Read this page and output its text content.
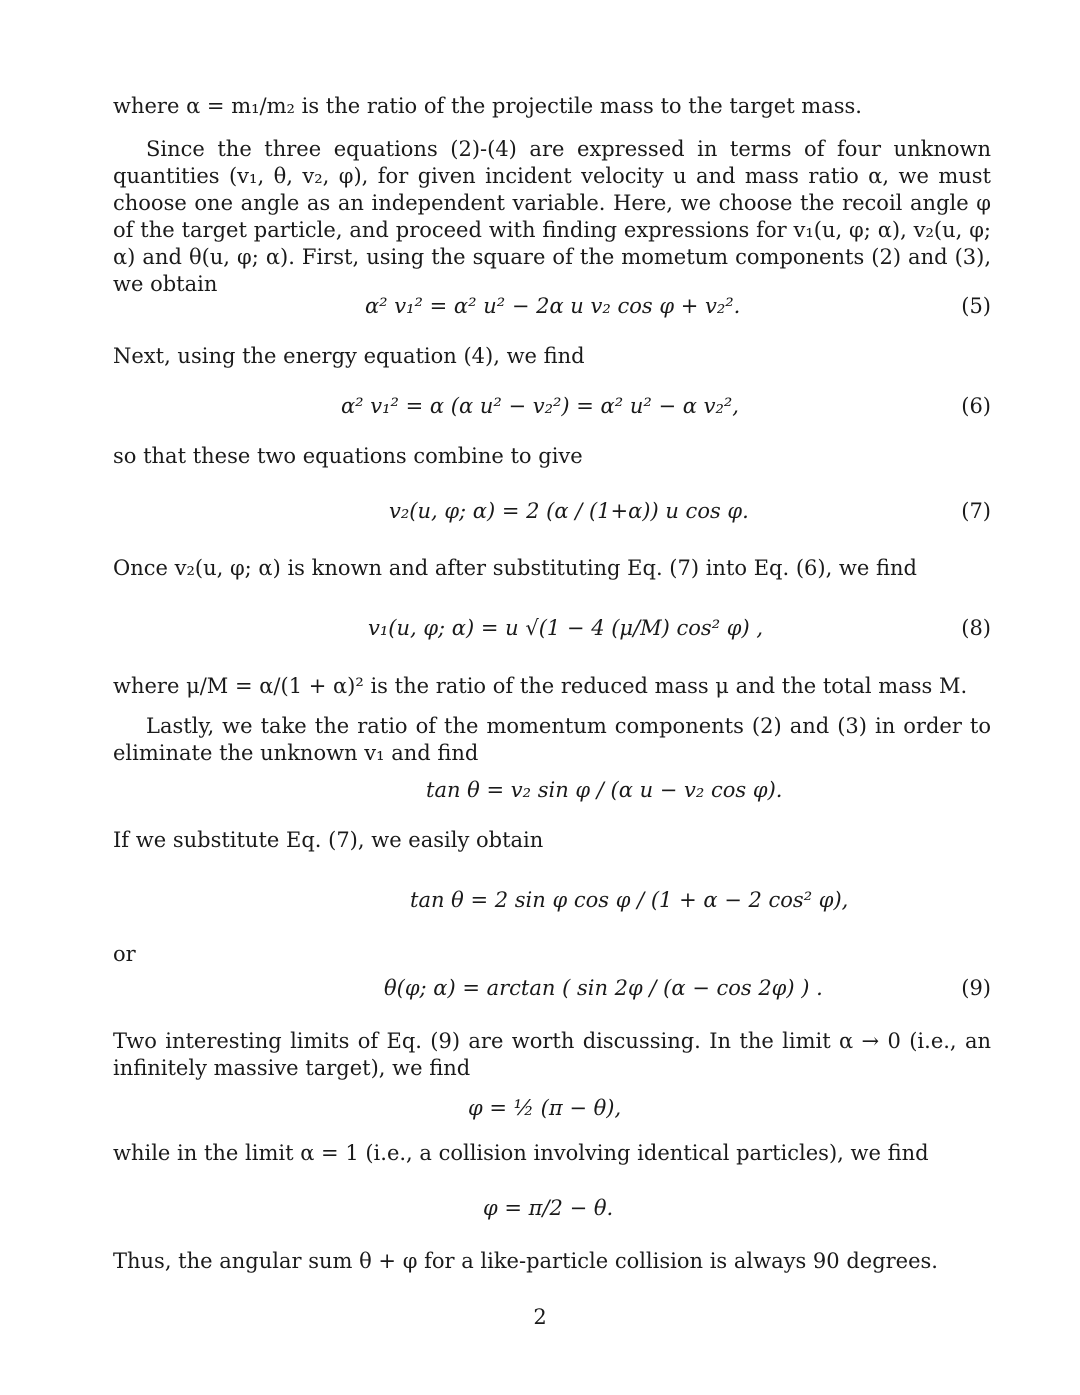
where α = m₁/m₂ is the ratio of the projectile mass to the target mass.

Since the three equations (2)-(4) are expressed in terms of four unknown quantities (v₁, θ, v₂, φ), for given incident velocity u and mass ratio α, we must choose one angle as an independent variable. Here, we choose the recoil angle φ of the target particle, and proceed with finding expressions for v₁(u, φ; α), v₂(u, φ; α) and θ(u, φ; α). First, using the square of the mometum components (2) and (3), we obtain

α² v₁² = α² u² − 2α u v₂ cos φ + v₂².	(5)

Next, using the energy equation (4), we find

α² v₁² = α (α u² − v₂²) = α² u² − α v₂²,	(6)

so that these two equations combine to give

v₂(u, φ; α) = 2 (α / (1+α)) u cos φ.	(7)

Once v₂(u, φ; α) is known and after substituting Eq. (7) into Eq. (6), we find

v₁(u, φ; α) = u √(1 − 4 (μ/M) cos² φ) ,	(8)

where μ/M = α/(1 + α)² is the ratio of the reduced mass μ and the total mass M.

Lastly, we take the ratio of the momentum components (2) and (3) in order to eliminate the unknown v₁ and find

tan θ = v₂ sin φ / (α u − v₂ cos φ).

If we substitute Eq. (7), we easily obtain

tan θ = 2 sin φ cos φ / (1 + α − 2 cos² φ),

or

θ(φ; α) = arctan ( sin 2φ / (α − cos 2φ) ) .	(9)

Two interesting limits of Eq. (9) are worth discussing. In the limit α → 0 (i.e., an infinitely massive target), we find

φ = ½ (π − θ),

while in the limit α = 1 (i.e., a collision involving identical particles), we find

φ = π/2 − θ.

Thus, the angular sum θ + φ for a like-particle collision is always 90 degrees.

2
